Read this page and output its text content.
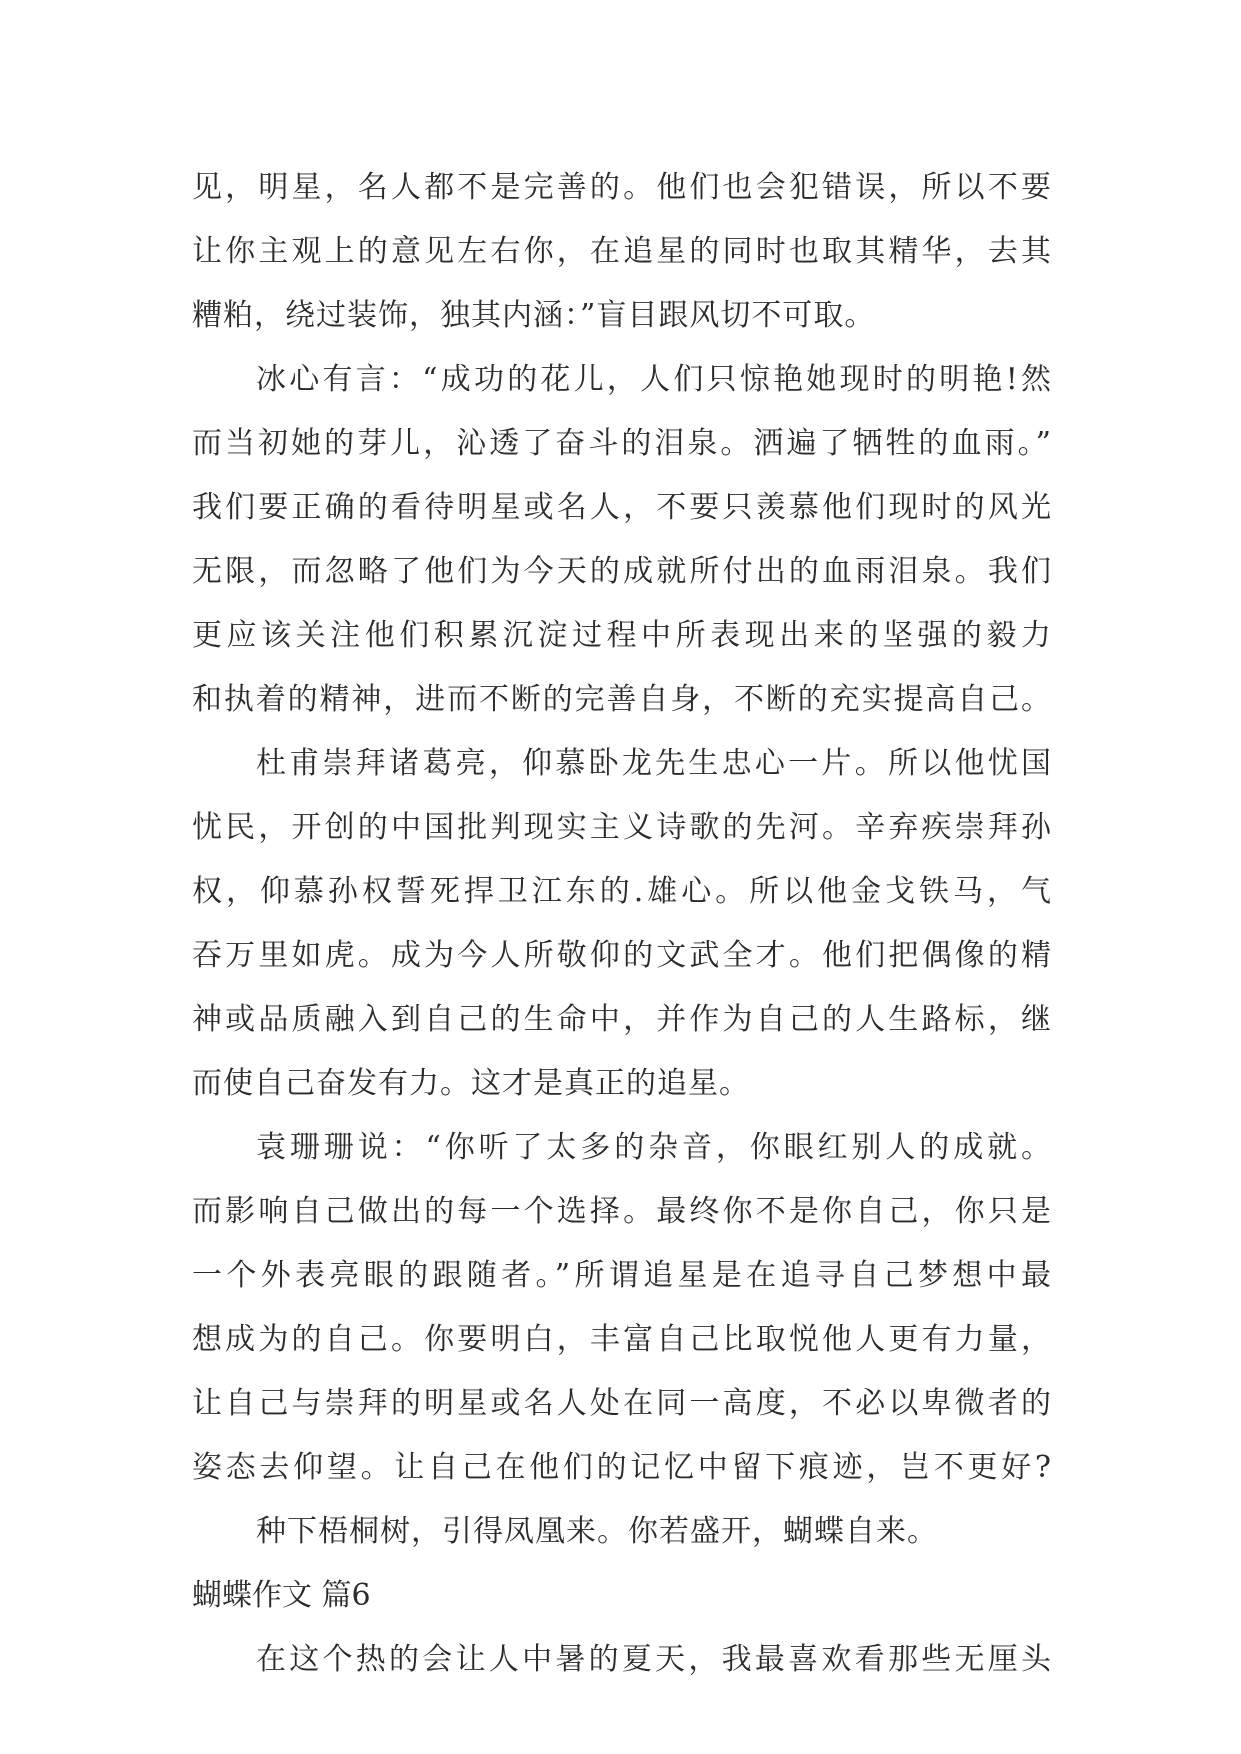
见，明星，名人都不是完善的。他们也会犯错误，所以不要
让你主观上的意见左右你，在追星的同时也取其精华，去其
糟粕，绕过装饰，独其内涵：”盲目跟风切不可取。
冰心有言：“成功的花儿，人们只惊艳她现时的明艳!然
而当初她的芽儿，沁透了奋斗的泪泉。洒遍了牺牲的血雨。”
我们要正确的看待明星或名人，不要只羡慕他们现时的风光
无限，而忽略了他们为今天的成就所付出的血雨泪泉。我们
更应该关注他们积累沉淀过程中所表现出来的坚强的毅力
和执着的精神，进而不断的完善自身，不断的充实提高自己。
杜甫崇拜诸葛亮，仰慕卧龙先生忠心一片。所以他忧国
忧民，开创的中国批判现实主义诗歌的先河。辛弃疾崇拜孙
权，仰慕孙权誓死捍卫江东的.雄心。所以他金戈铁马，气
吞万里如虎。成为今人所敬仰的文武全才。他们把偶像的精
神或品质融入到自己的生命中，并作为自己的人生路标，继
而使自己奋发有力。这才是真正的追星。
袁珊珊说：“你听了太多的杂音，你眼红别人的成就。
而影响自己做出的每一个选择。最终你不是你自己，你只是
一个外表亮眼的跟随者。”所谓追星是在追寻自己梦想中最
想成为的自己。你要明白，丰富自己比取悦他人更有力量，
让自己与崇拜的明星或名人处在同一高度，不必以卑微者的
姿态去仰望。让自己在他们的记忆中留下痕迹，岂不更好?
种下梧桐树，引得凤凰来。你若盛开，蝴蝶自来。
蝴蝶作文 篇6
在这个热的会让人中暑的夏天，我最喜欢看那些无厘头
